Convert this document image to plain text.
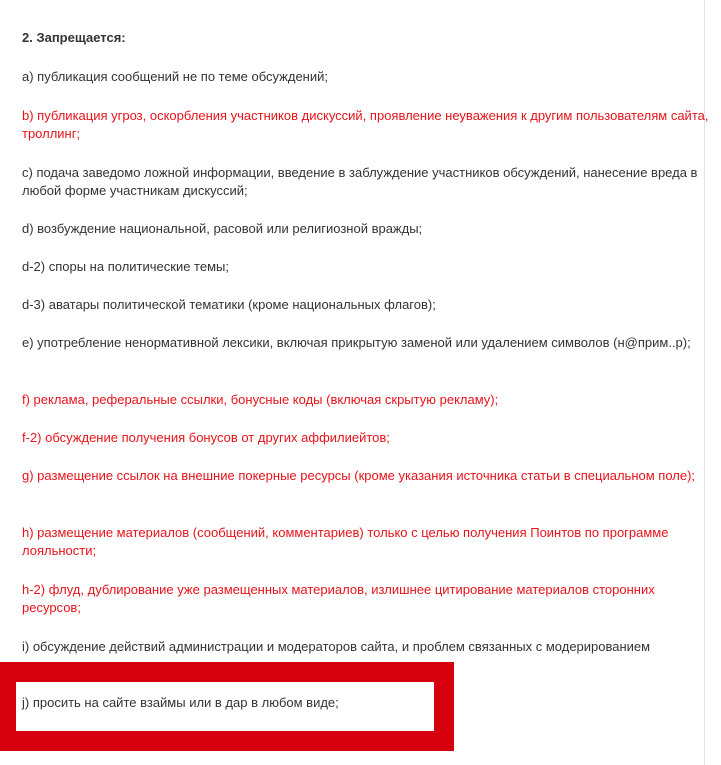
2. Запрещается:
a) публикация сообщений не по теме обсуждений;
b) публикация угроз, оскорбления участников дискуссий, проявление неуважения к другим пользователям сайта, троллинг;
c) подача заведомо ложной информации, введение в заблуждение участников обсуждений, нанесение вреда в любой форме участникам дискуссий;
d) возбуждение национальной, расовой или религиозной вражды;
d-2) споры на политические темы;
d-3) аватары политической тематики (кроме национальных флагов);
e) употребление ненормативной лексики, включая прикрытую заменой или удалением символов (н@прим..р);
f) реклама, реферальные ссылки, бонусные коды (включая скрытую рекламу);
f-2) обсуждение получения бонусов от других аффилиейтов;
g) размещение ссылок на внешние покерные ресурсы (кроме указания источника статьи в специальном поле);
h) размещение материалов (сообщений, комментариев) только с целью получения Поинтов по программе лояльности;
h-2) флуд, дублирование уже размещенных материалов, излишнее цитирование материалов сторонних ресурсов;
i) обсуждение действий администрации и модераторов сайта, и проблем связанных с модерированием
j) просить на сайте взаймы или в дар в любом виде;
